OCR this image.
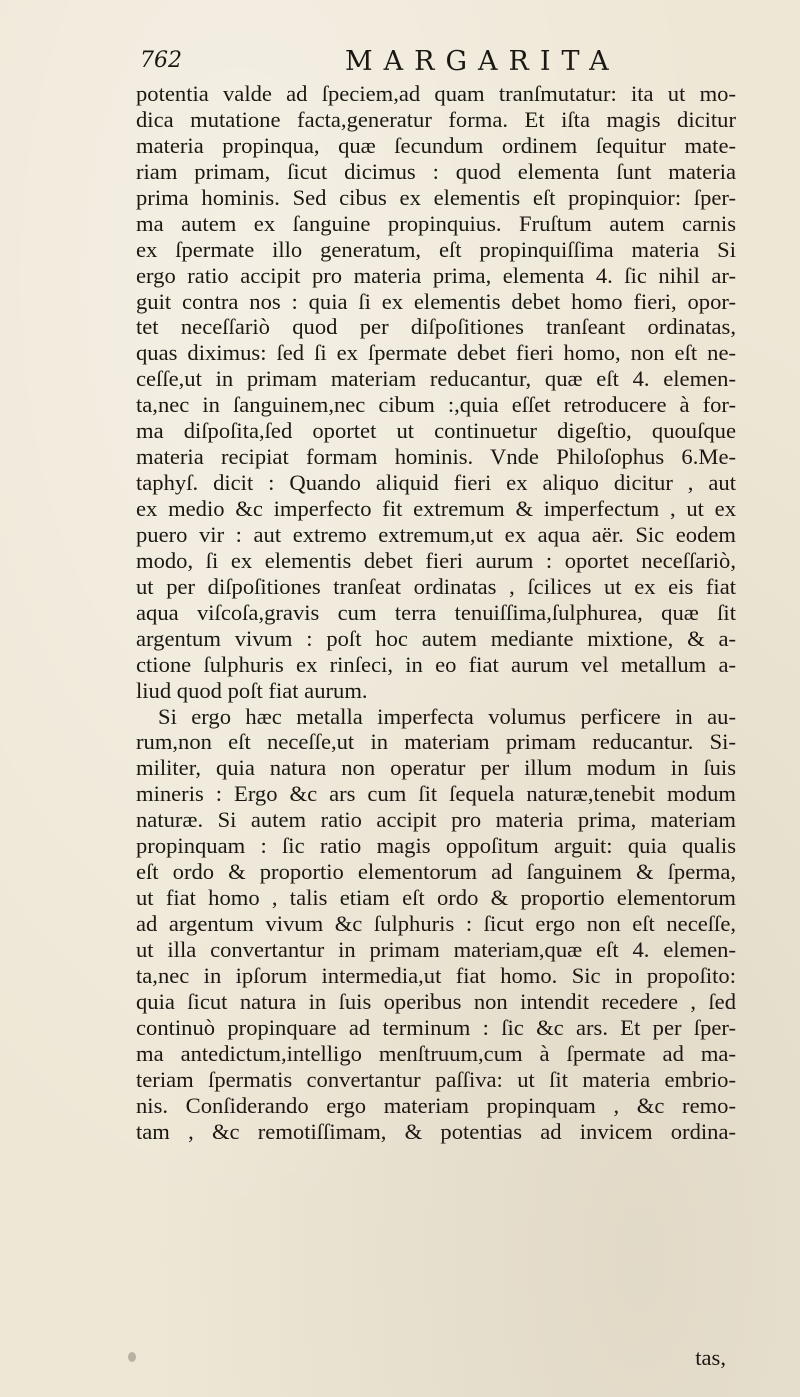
762	MARGARITA
potentia valde ad ſpeciem,ad quam tranſmutatur: ita ut mo-
dica mutatione facta,generatur forma. Et iſta magis dicitur
materia propinqua, quæ ſecundum ordinem ſequitur mate-
riam primam, ſicut dicimus : quod elementa ſunt materia
prima hominis. Sed cibus ex elementis eſt propinquior: ſper-
ma autem ex ſanguine propinquius. Fruſtum autem carnis
ex ſpermate illo generatum, eſt propinquiſſima materia Si
ergo ratio accipit pro materia prima, elementa 4. ſic nihil ar-
guit contra nos : quia ſi ex elementis debet homo fieri, opor-
tet neceſſariò quod per diſpoſitiones tranſeant ordinatas,
quas diximus: ſed ſi ex ſpermate debet fieri homo, non eſt ne-
ceſſe,ut in primam materiam reducantur, quæ eſt 4. elemen-
ta,nec in ſanguinem,nec cibum :,quia eſſet retroducere à for-
ma diſpoſita,ſed oportet ut continuetur digeſtio, quouſque
materia recipiat formam hominis. Vnde Philoſophus 6.Me-
taphyſ. dicit : Quando aliquid fieri ex aliquo dicitur , aut
ex medio &c imperfecto fit extremum & imperfectum , ut ex
puero vir : aut extremo extremum,ut ex aqua aër. Sic eodem
modo, ſi ex elementis debet fieri aurum : oportet neceſſariò,
ut per diſpoſitiones tranſeat ordinatas , ſcilices ut ex eis fiat
aqua viſcoſa,gravis cum terra tenuiſſima,ſulphurea, quæ ſit
argentum vivum : poſt hoc autem mediante mixtione, & a-
ctione ſulphuris ex rinſeci, in eo fiat aurum vel metallum a-
liud quod poſt fiat aurum.
Si ergo hæc metalla imperfecta volumus perficere in au-
rum,non eſt neceſſe,ut in materiam primam reducantur. Si-
militer, quia natura non operatur per illum modum in ſuis
mineris : Ergo &c ars cum ſit ſequela naturæ,tenebit modum
naturæ. Si autem ratio accipit pro materia prima, materiam
propinquam : ſic ratio magis oppoſitum arguit: quia qualis
eſt ordo & proportio elementorum ad ſanguinem & ſperma,
ut fiat homo , talis etiam eſt ordo & proportio elementorum
ad argentum vivum &c ſulphuris : ſicut ergo non eſt neceſſe,
ut illa convertantur in primam materiam,quæ eſt 4. elemen-
ta,nec in ipſorum intermedia,ut fiat homo. Sic in propoſito:
quia ſicut natura in ſuis operibus non intendit recedere , ſed
continuò propinquare ad terminum : ſic &c ars. Et per ſper-
ma antedictum,intelligo menſtruum,cum à ſpermate ad ma-
teriam ſpermatis convertantur paſſiva: ut ſit materia embrio-
nis. Conſiderando ergo materiam propinquam , &c remo-
tam , &c remotiſſimam, & potentias ad invicem ordina-
tas,
